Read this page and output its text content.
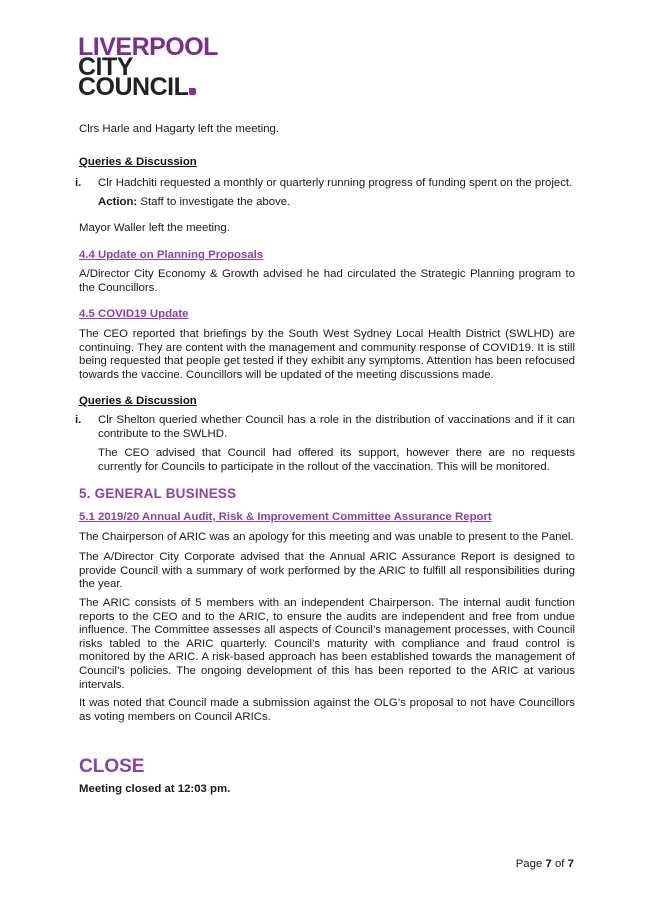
LIVERPOOL
CITY
COUNCIL

Clrs Harle and Hagarty left the meeting.

Queries & Discussion

i. Clr Hadchiti requested a monthly or quarterly running progress of funding spent on the project.

Action: Staff to investigate the above.

Mayor Waller left the meeting.

4.4 Update on Planning Proposals

A/Director City Economy & Growth advised he had circulated the Strategic Planning program to the Councillors.

4.5 COVID19 Update

The CEO reported that briefings by the South West Sydney Local Health District (SWLHD) are continuing. They are content with the management and community response of COVID19. It is still being requested that people get tested if they exhibit any symptoms. Attention has been refocused towards the vaccine. Councillors will be updated of the meeting discussions made.

Queries & Discussion

i. Clr Shelton queried whether Council has a role in the distribution of vaccinations and if it can contribute to the SWLHD.

The CEO advised that Council had offered its support, however there are no requests currently for Councils to participate in the rollout of the vaccination. This will be monitored.

5. GENERAL BUSINESS

5.1 2019/20 Annual Audit, Risk & Improvement Committee Assurance Report

The Chairperson of ARIC was an apology for this meeting and was unable to present to the Panel.

The A/Director City Corporate advised that the Annual ARIC Assurance Report is designed to provide Council with a summary of work performed by the ARIC to fulfill all responsibilities during the year.

The ARIC consists of 5 members with an independent Chairperson. The internal audit function reports to the CEO and to the ARIC, to ensure the audits are independent and free from undue influence. The Committee assesses all aspects of Council’s management processes, with Council risks tabled to the ARIC quarterly. Council’s maturity with compliance and fraud control is monitored by the ARIC. A risk-based approach has been established towards the management of Council’s policies. The ongoing development of this has been reported to the ARIC at various intervals.

It was noted that Council made a submission against the OLG’s proposal to not have Councillors as voting members on Council ARICs.

CLOSE

Meeting closed at 12:03 pm.

Page 7 of 7
